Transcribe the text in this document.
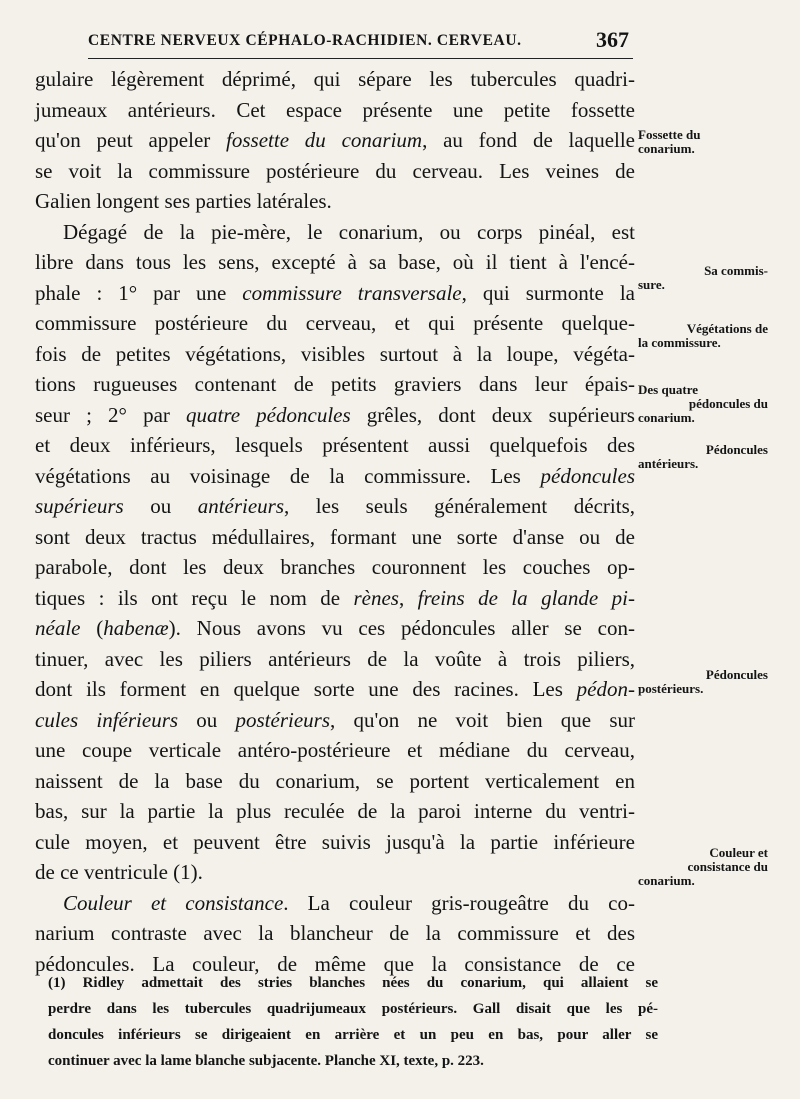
CENTRE NERVEUX CÉPHALO-RACHIDIEN. CERVEAU.	367
gulaire légèrement déprimé, qui sépare les tubercules quadri-
jumeaux antérieurs. Cet espace présente une petite fossette
qu'on peut appeler fossette du conarium, au fond de laquelle
se voit la commissure postérieure du cerveau. Les veines de
Galien longent ses parties latérales.
Dégagé de la pie-mère, le conarium, ou corps pinéal, est
libre dans tous les sens, excepté à sa base, où il tient à l'encé-
phale : 1° par une commissure transversale, qui surmonte la
commissure postérieure du cerveau, et qui présente quelque-
fois de petites végétations, visibles surtout à la loupe, végéta-
tions rugueuses contenant de petits graviers dans leur épais-
seur ; 2° par quatre pédoncules grêles, dont deux supérieurs
et deux inférieurs, lesquels présentent aussi quelquefois des
végétations au voisinage de la commissure. Les pédoncules
supérieurs ou antérieurs, les seuls généralement décrits,
sont deux tractus médullaires, formant une sorte d'anse ou de
parabole, dont les deux branches couronnent les couches op-
tiques : ils ont reçu le nom de rènes, freins de la glande pi-
néale (habenæ). Nous avons vu ces pédoncules aller se con-
tinuer, avec les piliers antérieurs de la voûte à trois piliers,
dont ils forment en quelque sorte une des racines. Les pédon-
cules inférieurs ou postérieurs, qu'on ne voit bien que sur
une coupe verticale antéro-postérieure et médiane du cerveau,
naissent de la base du conarium, se portent verticalement en
bas, sur la partie la plus reculée de la paroi interne du ventri-
cule moyen, et peuvent être suivis jusqu'à la partie inférieure
de ce ventricule (1).
Couleur et consistance. La couleur gris-rougeâtre du co-
narium contraste avec la blancheur de la commissure et des
pédoncules. La couleur, de même que la consistance de ce
Fossette du
conarium.
Sa commis-
sure.
Végétations de
la commissure.
Des quatre
pédoncules du
conarium.
Pédoncules
antérieurs.
Pédoncules
postérieurs.
Couleur et
consistance du
conarium.
(1) Ridley admettait des stries blanches nées du conarium, qui allaient se
perdre dans les tubercules quadrijumeaux postérieurs. Gall disait que les pé-
doncules inférieurs se dirigeaient en arrière et un peu en bas, pour aller se
continuer avec la lame blanche subjacente. Planche XI, texte, p. 223.
